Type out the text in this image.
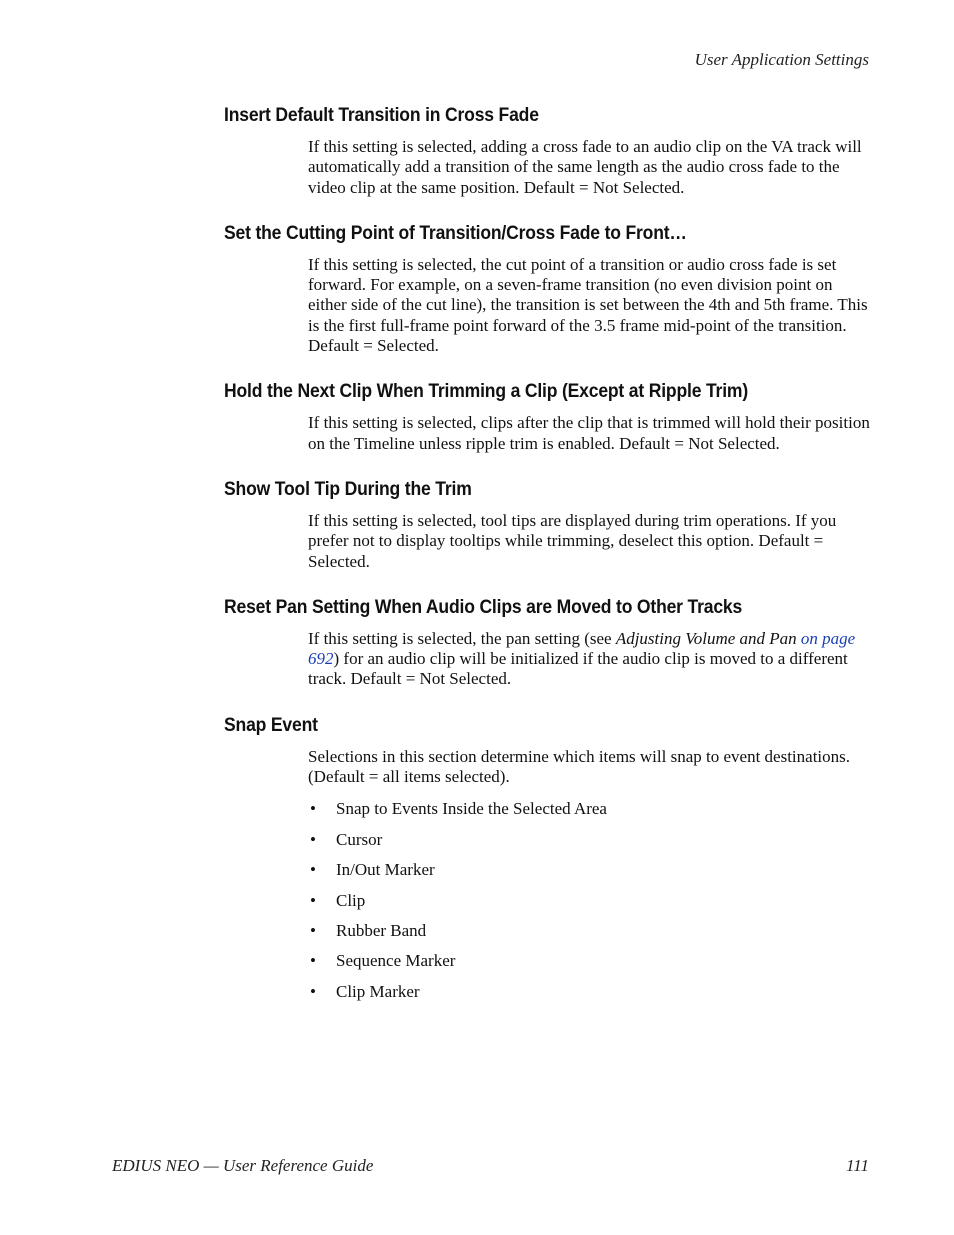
User Application Settings
Insert Default Transition in Cross Fade

If this setting is selected, adding a cross fade to an audio clip on the VA track will automatically add a transition of the same length as the audio cross fade to the video clip at the same position. Default = Not Selected.

Set the Cutting Point of Transition/Cross Fade to Front…

If this setting is selected, the cut point of a transition or audio cross fade is set forward. For example, on a seven-frame transition (no even division point on either side of the cut line), the transition is set between the 4th and 5th frame. This is the first full-frame point forward of the 3.5 frame mid-point of the transition. Default = Selected.

Hold the Next Clip When Trimming a Clip (Except at Ripple Trim)

If this setting is selected, clips after the clip that is trimmed will hold their position on the Timeline unless ripple trim is enabled. Default = Not Selected.

Show Tool Tip During the Trim

If this setting is selected, tool tips are displayed during trim operations. If you prefer not to display tooltips while trimming, deselect this option. Default = Selected.

Reset Pan Setting When Audio Clips are Moved to Other Tracks

If this setting is selected, the pan setting (see Adjusting Volume and Pan on page 692) for an audio clip will be initialized if the audio clip is moved to a different track. Default = Not Selected.

Snap Event

Selections in this section determine which items will snap to event destinations. (Default = all items selected).

• Snap to Events Inside the Selected Area
• Cursor
• In/Out Marker
• Clip
• Rubber Band
• Sequence Marker
• Clip Marker
EDIUS NEO — User Reference Guide	111
